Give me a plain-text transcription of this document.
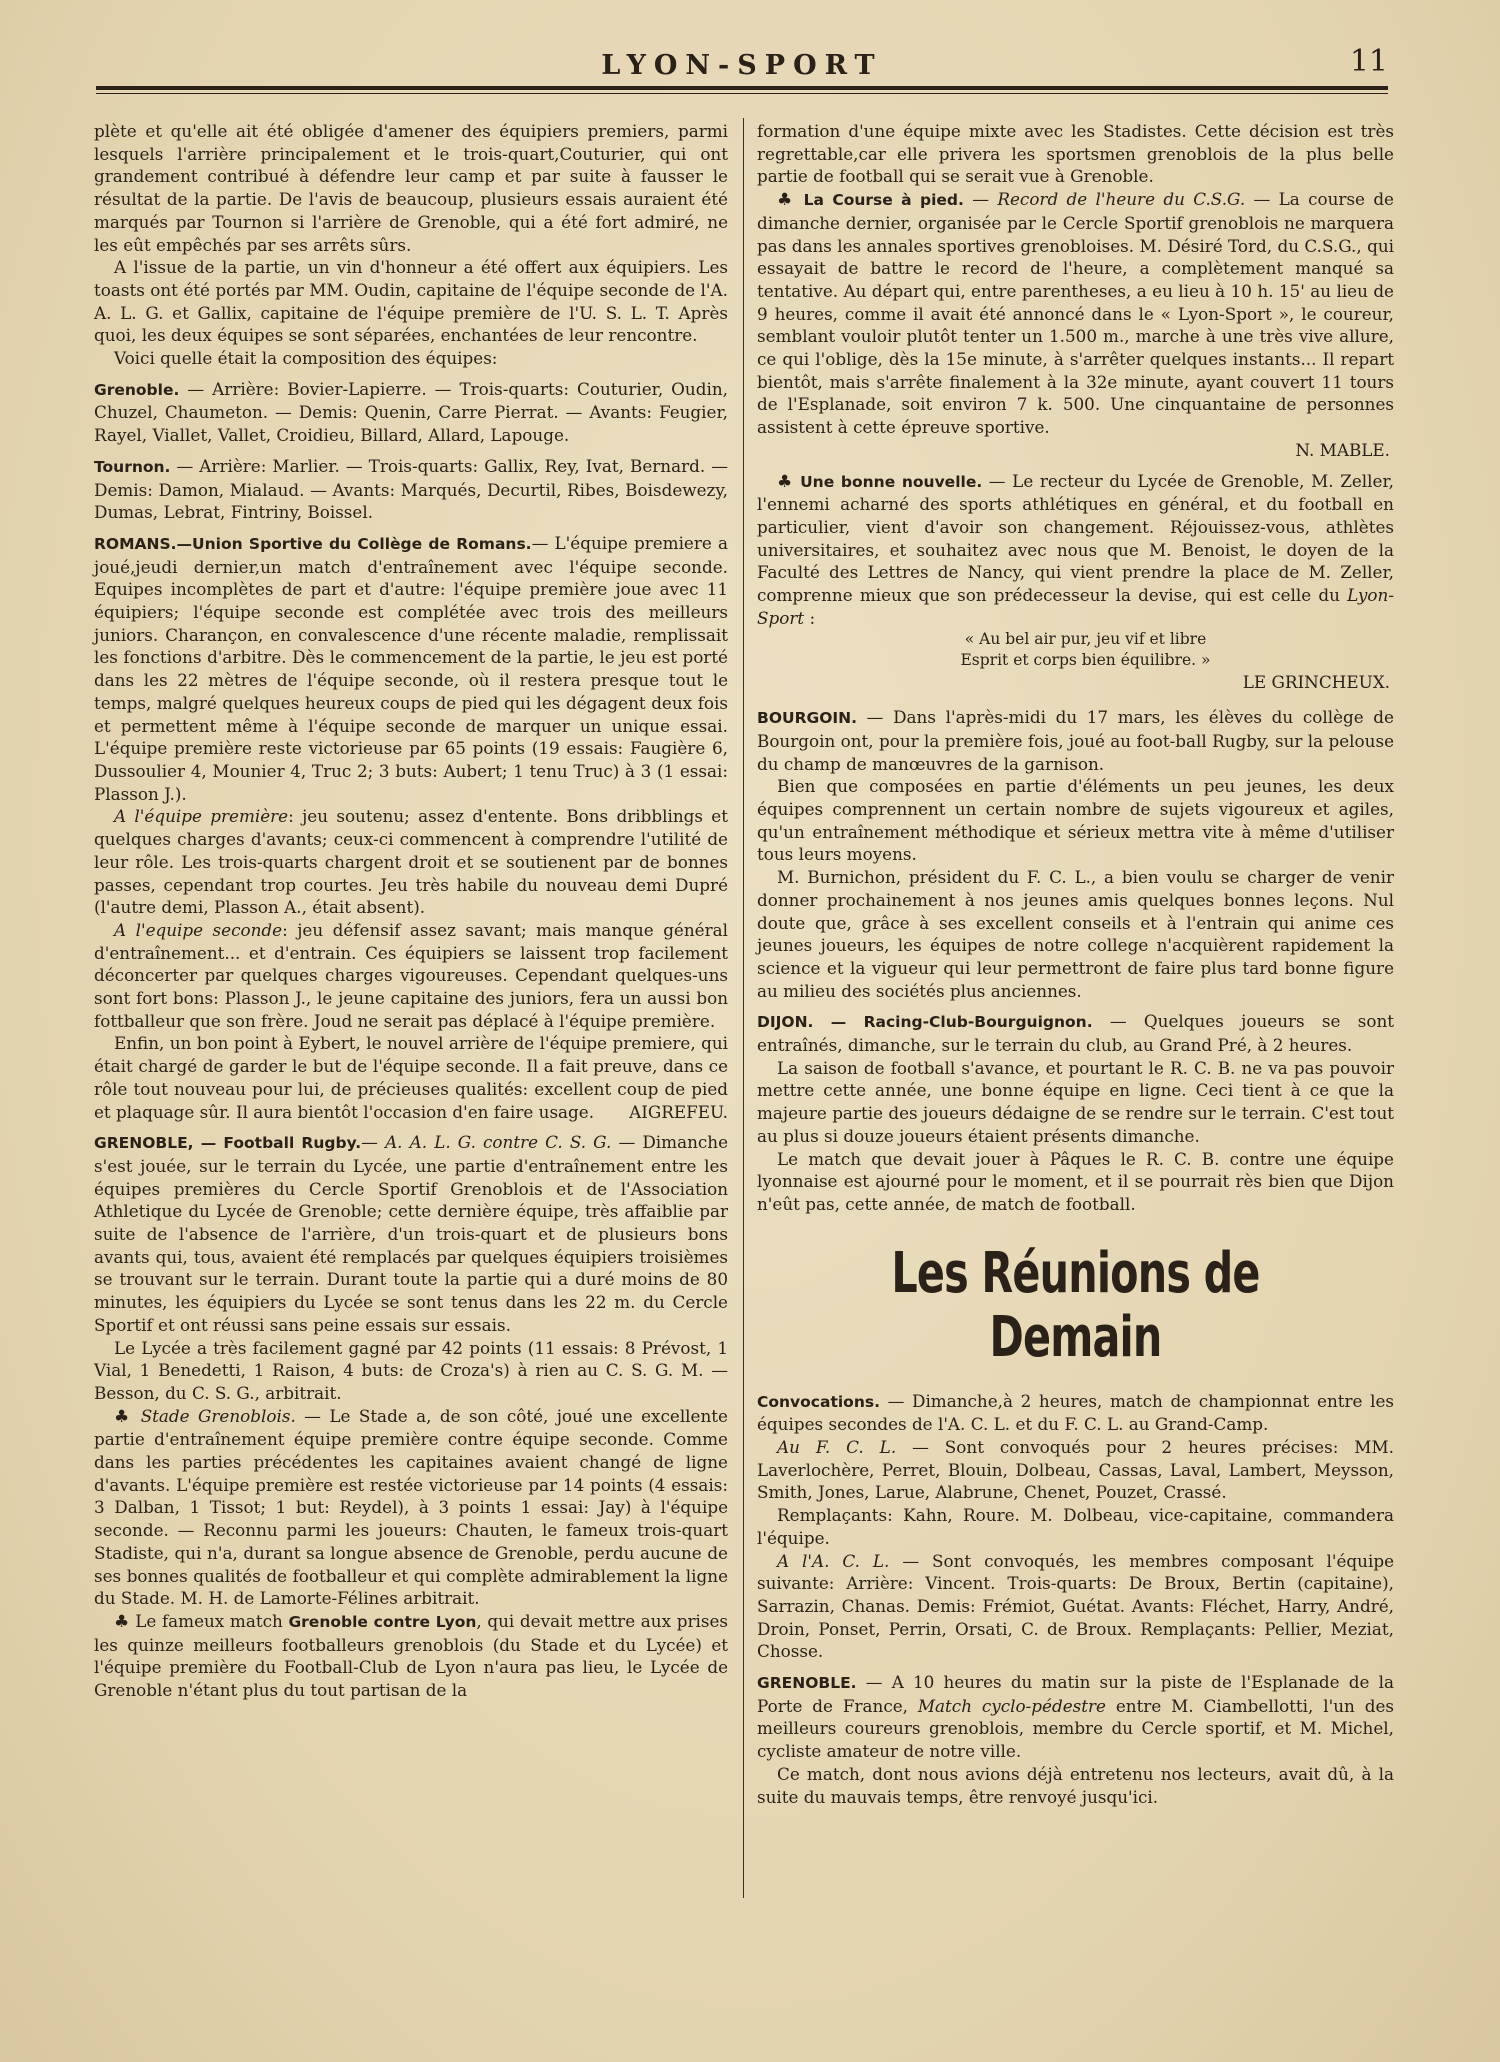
LYON-SPORT	11

plète et qu'elle ait été obligée d'amener des équipiers premiers, parmi lesquels l'arrière principalement et le trois-quart,Couturier, qui ont grandement contribué à défendre leur camp et par suite à fausser le résultat de la partie. De l'avis de beaucoup, plusieurs essais auraient été marqués par Tournon si l'arrière de Grenoble, qui a été fort admiré, ne les eût empêchés par ses arrêts sûrs.

A l'issue de la partie, un vin d'honneur a été offert aux équipiers. Les toasts ont été portés par MM. Oudin, capitaine de l'équipe seconde de l'A. A. L. G. et Gallix, capitaine de l'équipe première de l'U. S. L. T. Après quoi, les deux équipes se sont séparées, enchantées de leur rencontre.

Voici quelle était la composition des équipes:

Grenoble. — Arrière: Bovier-Lapierre. — Trois-quarts: Couturier, Oudin, Chuzel, Chaumeton. — Demis: Quenin, Carre Pierrat. — Avants: Feugier, Rayel, Viallet, Vallet, Croidieu, Billard, Allard, Lapouge.

Tournon. — Arrière: Marlier. — Trois-quarts: Gallix, Rey, Ivat, Bernard. — Demis: Damon, Mialaud. — Avants: Marqués, Decurtil, Ribes, Boisdewezy, Dumas, Lebrat, Fintriny, Boissel.

ROMANS.—Union Sportive du Collège de Romans.— L'équipe premiere a joué,jeudi dernier,un match d'entraînement avec l'équipe seconde. Equipes incomplètes de part et d'autre: l'équipe première joue avec 11 équipiers; l'équipe seconde est complétée avec trois des meilleurs juniors. Charançon, en convalescence d'une récente maladie, remplissait les fonctions d'arbitre. Dès le commencement de la partie, le jeu est porté dans les 22 mètres de l'équipe seconde, où il restera presque tout le temps, malgré quelques heureux coups de pied qui les dégagent deux fois et permettent même à l'équipe seconde de marquer un unique essai. L'équipe première reste victorieuse par 65 points (19 essais: Faugière 6, Dussoulier 4, Mounier 4, Truc 2; 3 buts: Aubert; 1 tenu Truc) à 3 (1 essai: Plasson J.).

A l'équipe première: jeu soutenu; assez d'entente. Bons dribblings et quelques charges d'avants; ceux-ci commencent à comprendre l'utilité de leur rôle. Les trois-quarts chargent droit et se soutienent par de bonnes passes, cependant trop courtes. Jeu très habile du nouveau demi Dupré (l'autre demi, Plasson A., était absent).

A l'equipe seconde: jeu défensif assez savant; mais manque général d'entraînement... et d'entrain. Ces équipiers se laissent trop facilement déconcerter par quelques charges vigoureuses. Cependant quelques-uns sont fort bons: Plasson J., le jeune capitaine des juniors, fera un aussi bon fottballeur que son frère. Joud ne serait pas déplacé à l'équipe première.

Enfin, un bon point à Eybert, le nouvel arrière de l'équipe premiere, qui était chargé de garder le but de l'équipe seconde. Il a fait preuve, dans ce rôle tout nouveau pour lui, de précieuses qualités: excellent coup de pied et plaquage sûr. Il aura bientôt l'occasion d'en faire usage.	AIGREFEU.

GRENOBLE, — Football Rugby.— A. A. L. G. contre C. S. G. — Dimanche s'est jouée, sur le terrain du Lycée, une partie d'entraînement entre les équipes premières du Cercle Sportif Grenoblois et de l'Association Athletique du Lycée de Grenoble; cette dernière équipe, très affaiblie par suite de l'absence de l'arrière, d'un trois-quart et de plusieurs bons avants qui, tous, avaient été remplacés par quelques équipiers troisièmes se trouvant sur le terrain. Durant toute la partie qui a duré moins de 80 minutes, les équipiers du Lycée se sont tenus dans les 22 m. du Cercle Sportif et ont réussi sans peine essais sur essais.

Le Lycée a très facilement gagné par 42 points (11 essais: 8 Prévost, 1 Vial, 1 Benedetti, 1 Raison, 4 buts: de Croza's) à rien au C. S. G. M. — Besson, du C. S. G., arbitrait.

♣ Stade Grenoblois. — Le Stade a, de son côté, joué une excellente partie d'entraînement équipe première contre équipe seconde. Comme dans les parties précédentes les capitaines avaient changé de ligne d'avants. L'équipe première est restée victorieuse par 14 points (4 essais: 3 Dalban, 1 Tissot; 1 but: Reydel), à 3 points 1 essai: Jay) à l'équipe seconde. — Reconnu parmi les joueurs: Chauten, le fameux trois-quart Stadiste, qui n'a, durant sa longue absence de Grenoble, perdu aucune de ses bonnes qualités de footballeur et qui complète admirablement la ligne du Stade. M. H. de Lamorte-Félines arbitrait.

♣ Le fameux match Grenoble contre Lyon, qui devait mettre aux prises les quinze meilleurs footballeurs grenoblois (du Stade et du Lycée) et l'équipe première du Football-Club de Lyon n'aura pas lieu, le Lycée de Grenoble n'étant plus du tout partisan de la

formation d'une équipe mixte avec les Stadistes. Cette décision est très regrettable,car elle privera les sportsmen grenoblois de la plus belle partie de football qui se serait vue à Grenoble.

♣ La Course à pied. — Record de l'heure du C.S.G. — La course de dimanche dernier, organisée par le Cercle Sportif grenoblois ne marquera pas dans les annales sportives grenobloises. M. Désiré Tord, du C.S.G., qui essayait de battre le record de l'heure, a complètement manqué sa tentative. Au départ qui, entre parentheses, a eu lieu à 10 h. 15' au lieu de 9 heures, comme il avait été annoncé dans le « Lyon-Sport », le coureur, semblant vouloir plutôt tenter un 1.500 m., marche à une très vive allure, ce qui l'oblige, dès la 15e minute, à s'arrêter quelques instants... Il repart bientôt, mais s'arrête finalement à la 32e minute, ayant couvert 11 tours de l'Esplanade, soit environ 7 k. 500. Une cinquantaine de personnes assistent à cette épreuve sportive.

N. MABLE.

♣ Une bonne nouvelle. — Le recteur du Lycée de Grenoble, M. Zeller, l'ennemi acharné des sports athlétiques en général, et du football en particulier, vient d'avoir son changement. Réjouissez-vous, athlètes universitaires, et souhaitez avec nous que M. Benoist, le doyen de la Faculté des Lettres de Nancy, qui vient prendre la place de M. Zeller, comprenne mieux que son prédecesseur la devise, qui est celle du Lyon-Sport :

« Au bel air pur, jeu vif et libre

Esprit et corps bien équilibre. »

LE GRINCHEUX.

BOURGOIN. — Dans l'après-midi du 17 mars, les élèves du collège de Bourgoin ont, pour la première fois, joué au foot-ball Rugby, sur la pelouse du champ de manœuvres de la garnison.

Bien que composées en partie d'éléments un peu jeunes, les deux équipes comprennent un certain nombre de sujets vigoureux et agiles, qu'un entraînement méthodique et sérieux mettra vite à même d'utiliser tous leurs moyens.

M. Burnichon, président du F. C. L., a bien voulu se charger de venir donner prochainement à nos jeunes amis quelques bonnes leçons. Nul doute que, grâce à ses excellent conseils et à l'entrain qui anime ces jeunes joueurs, les équipes de notre college n'acquièrent rapidement la science et la vigueur qui leur permettront de faire plus tard bonne figure au milieu des sociétés plus anciennes.

DIJON. — Racing-Club-Bourguignon. — Quelques joueurs se sont entraînés, dimanche, sur le terrain du club, au Grand Pré, à 2 heures.

La saison de football s'avance, et pourtant le R. C. B. ne va pas pouvoir mettre cette année, une bonne équipe en ligne. Ceci tient à ce que la majeure partie des joueurs dédaigne de se rendre sur le terrain. C'est tout au plus si douze joueurs étaient présents dimanche.

Le match que devait jouer à Pâques le R. C. B. contre une équipe lyonnaise est ajourné pour le moment, et il se pourrait rès bien que Dijon n'eût pas, cette année, de match de football.

Les Réunions de Demain

Convocations. — Dimanche,à 2 heures, match de championnat entre les équipes secondes de l'A. C. L. et du F. C. L. au Grand-Camp.

Au F. C. L. — Sont convoqués pour 2 heures précises: MM. Laverlochère, Perret, Blouin, Dolbeau, Cassas, Laval, Lambert, Meysson, Smith, Jones, Larue, Alabrune, Chenet, Pouzet, Crassé.

Remplaçants: Kahn, Roure. M. Dolbeau, vice-capitaine, commandera l'équipe.

A l'A. C. L. — Sont convoqués, les membres composant l'équipe suivante: Arrière: Vincent. Trois-quarts: De Broux, Bertin (capitaine), Sarrazin, Chanas. Demis: Frémiot, Guétat. Avants: Fléchet, Harry, André, Droin, Ponset, Perrin, Orsati, C. de Broux. Remplaçants: Pellier, Meziat, Chosse.

GRENOBLE. — A 10 heures du matin sur la piste de l'Esplanade de la Porte de France, Match cyclo-pédestre entre M. Ciambellotti, l'un des meilleurs coureurs grenoblois, membre du Cercle sportif, et M. Michel, cycliste amateur de notre ville.

Ce match, dont nous avions déjà entretenu nos lecteurs, avait dû, à la suite du mauvais temps, être renvoyé jusqu'ici.
